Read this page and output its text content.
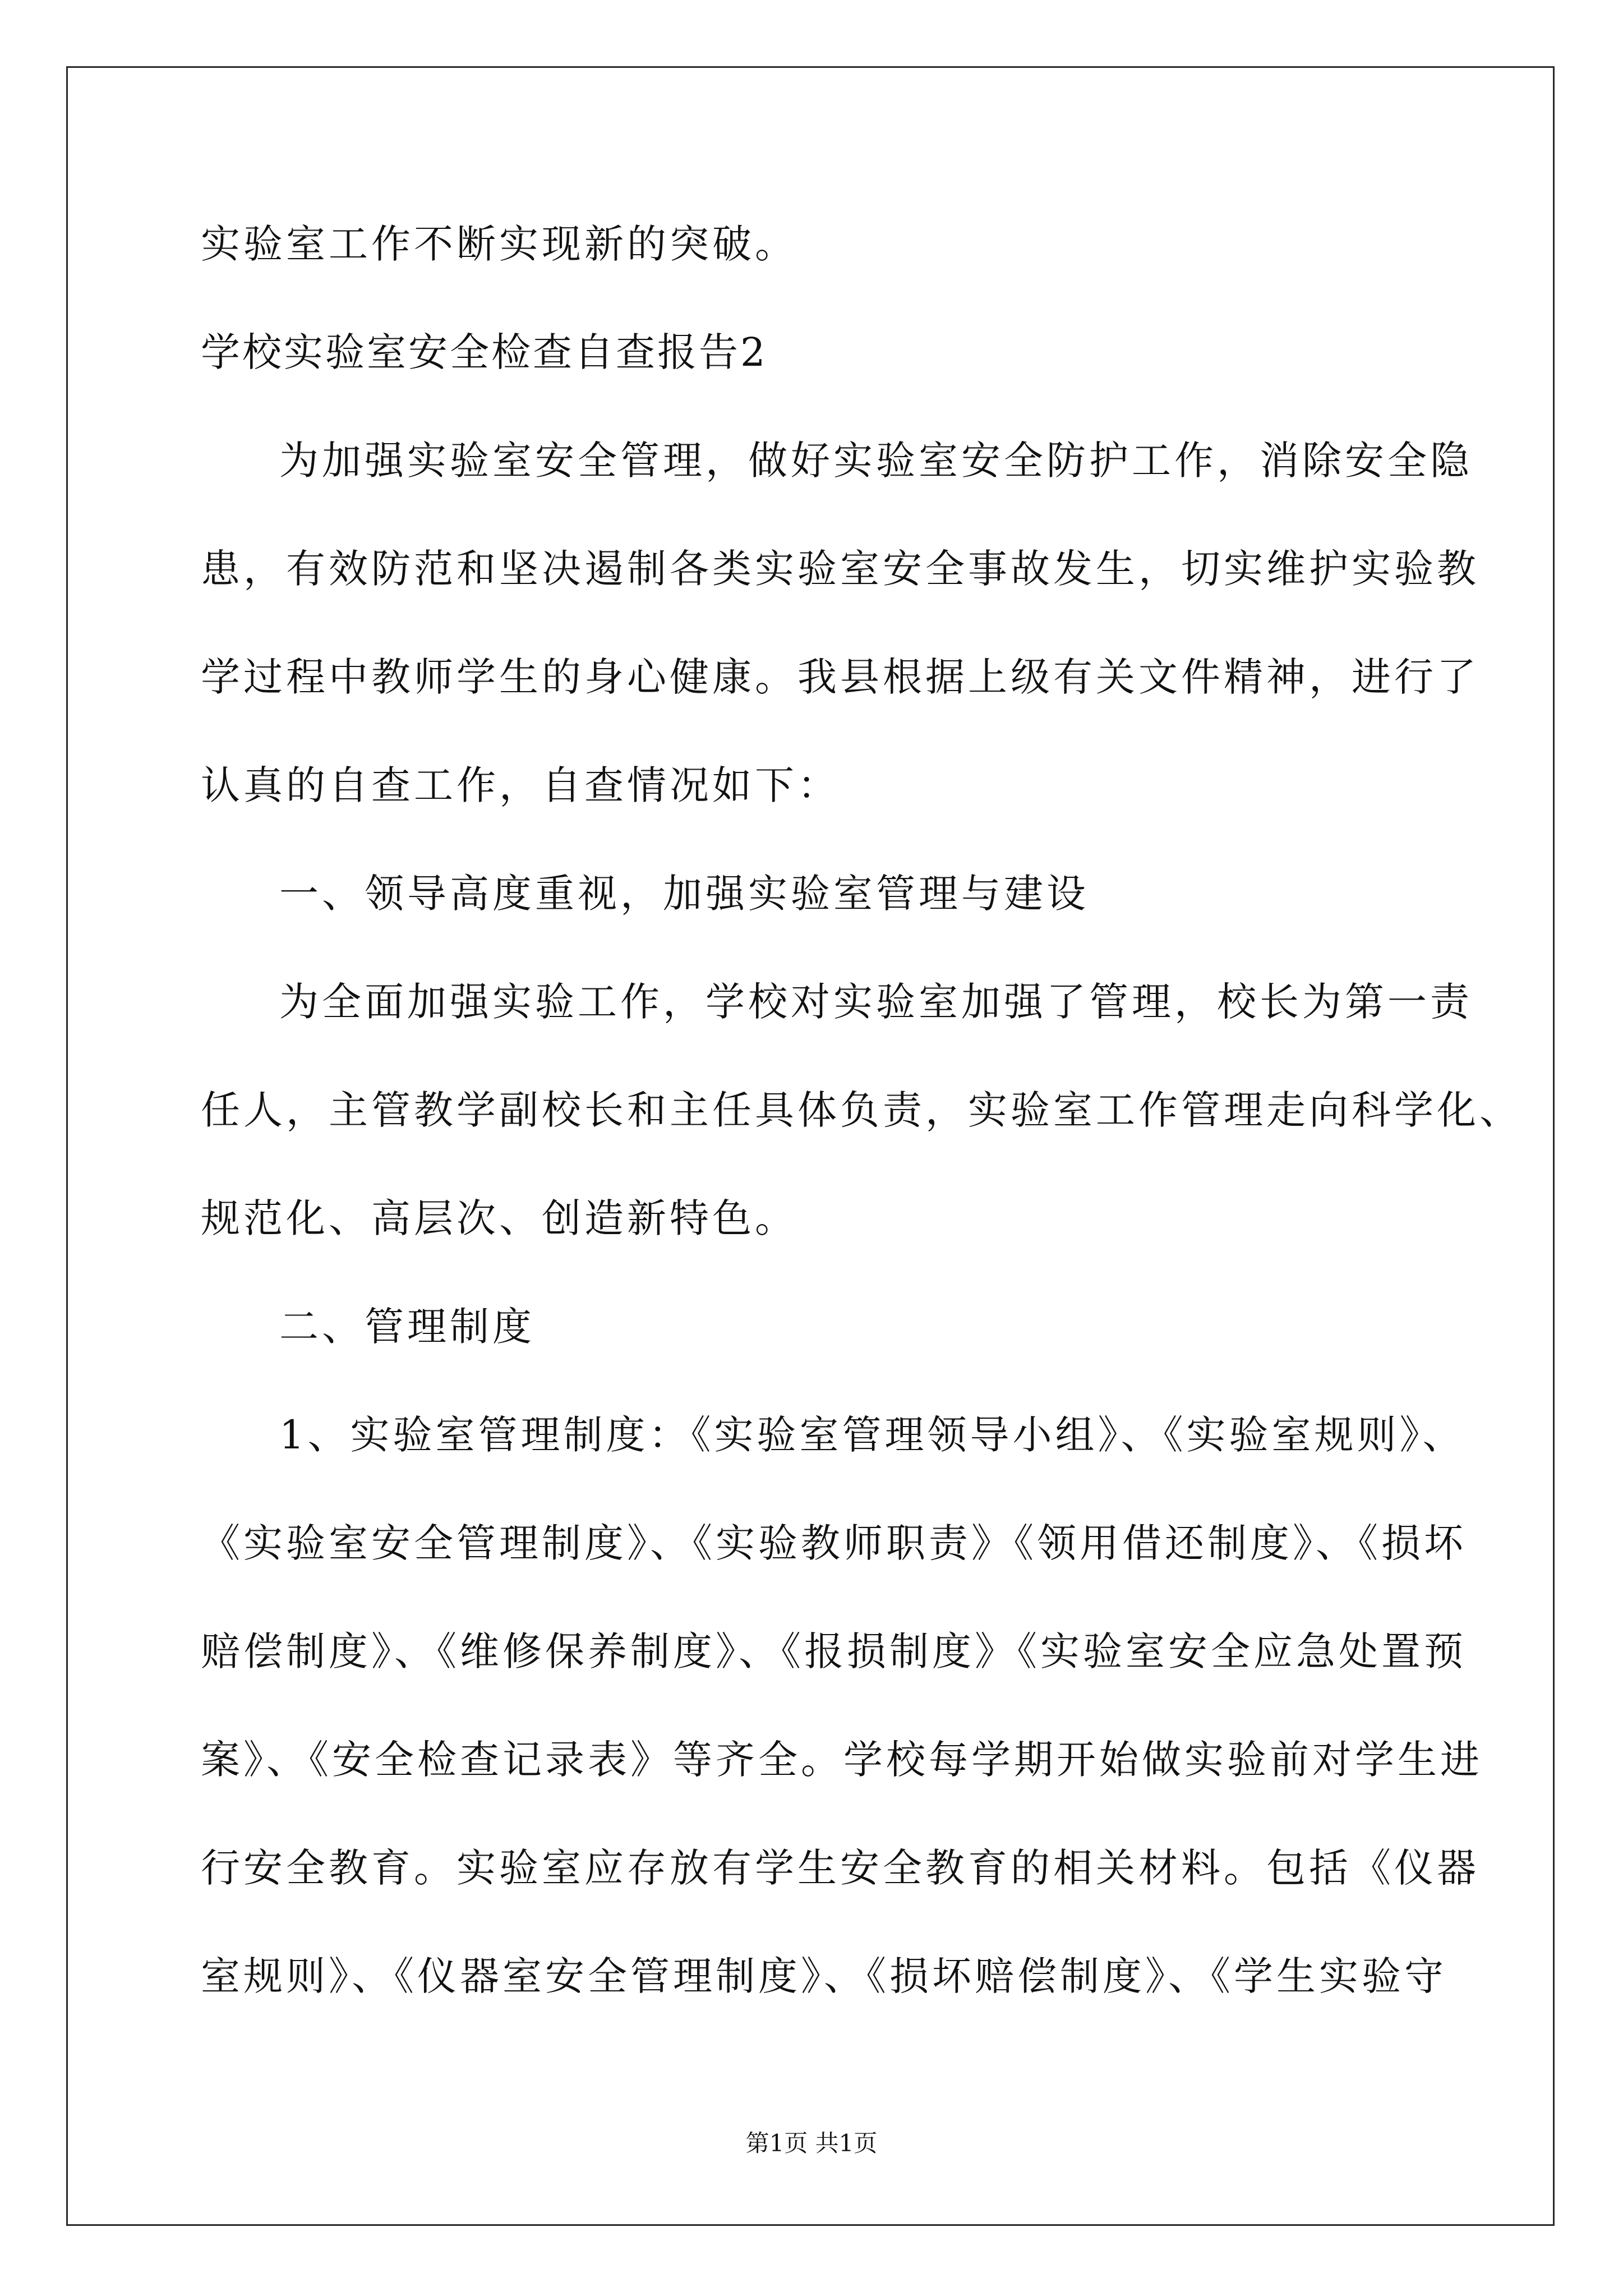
实验室工作不断实现新的突破。
学校实验室安全检查自查报告2
为加强实验室安全管理，做好实验室安全防护工作，消除安全隐
患，有效防范和坚决遏制各类实验室安全事故发生，切实维护实验教
学过程中教师学生的身心健康。我县根据上级有关文件精神，进行了
认真的自查工作，自查情况如下：
一、领导高度重视，加强实验室管理与建设
为全面加强实验工作，学校对实验室加强了管理，校长为第一责
任人，主管教学副校长和主任具体负责，实验室工作管理走向科学化、
规范化、高层次、创造新特色。
二、管理制度
1、实验室管理制度：《实验室管理领导小组》、《实验室规则》、
《实验室安全管理制度》、《实验教师职责》《领用借还制度》、《损坏
赔偿制度》、《维修保养制度》、《报损制度》《实验室安全应急处置预
案》、《安全检查记录表》等齐全。学校每学期开始做实验前对学生进
行安全教育。实验室应存放有学生安全教育的相关材料。包括《仪器
室规则》、《仪器室安全管理制度》、《损坏赔偿制度》、《学生实验守
第1页 共1页
